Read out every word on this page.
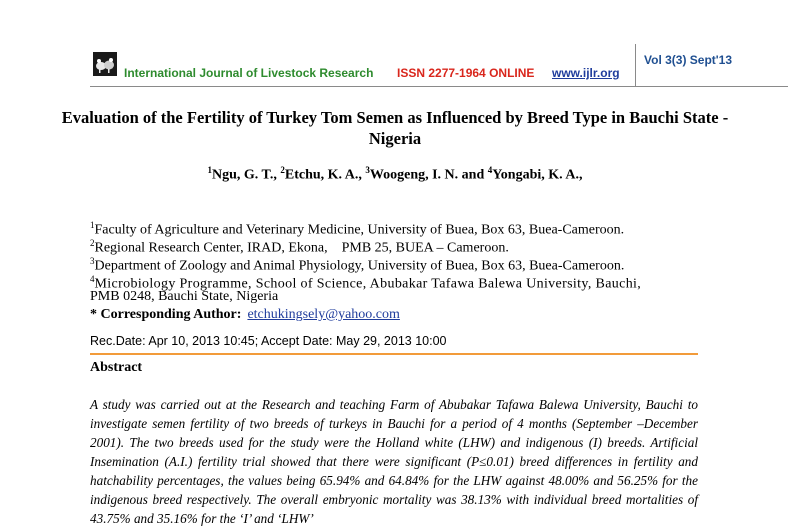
International Journal of Livestock Research ISSN 2277-1964 ONLINE www.ijlr.org
Vol 3(3) Sept'13
Evaluation of the Fertility of Turkey Tom Semen as Influenced by Breed Type in Bauchi State - Nigeria
$^1$Ngu, G. T., $^2$Etchu, K. A., $^3$Woogeng, I. N. and $^4$Yongabi, K. A.,
$^1$Faculty of Agriculture and Veterinary Medicine, University of Buea, Box 63, Buea-Cameroon.
$^2$Regional Research Center, IRAD, Ekona,    PMB 25, BUEA – Cameroon.
$^3$Department of Zoology and Animal Physiology, University of Buea, Box 63, Buea-Cameroon.
$^4$Microbiology Programme, School of Science, Abubakar Tafawa Balewa University, Bauchi,
PMB 0248, Bauchi State, Nigeria
* Corresponding Author: etchukingsely@yahoo.com
Rec.Date: Apr 10, 2013 10:45; Accept Date: May 29, 2013 10:00
Abstract
A study was carried out at the Research and teaching Farm of Abubakar Tafawa Balewa University, Bauchi to investigate semen fertility of two breeds of turkeys in Bauchi for a period of 4 months (September –December 2001). The two breeds used for the study were the Holland white (LHW) and indigenous (I) breeds. Artificial Insemination (A.I.) fertility trial showed that there were significant (P≤0.01) breed differences in fertility and hatchability percentages, the values being 65.94% and 64.84% for the LHW against 48.00% and 56.25% for the indigenous breed respectively. The overall embryonic mortality was 38.13% with individual breed mortalities of 43.75% and 35.16% for the ‘I’ and ‘LHW’
